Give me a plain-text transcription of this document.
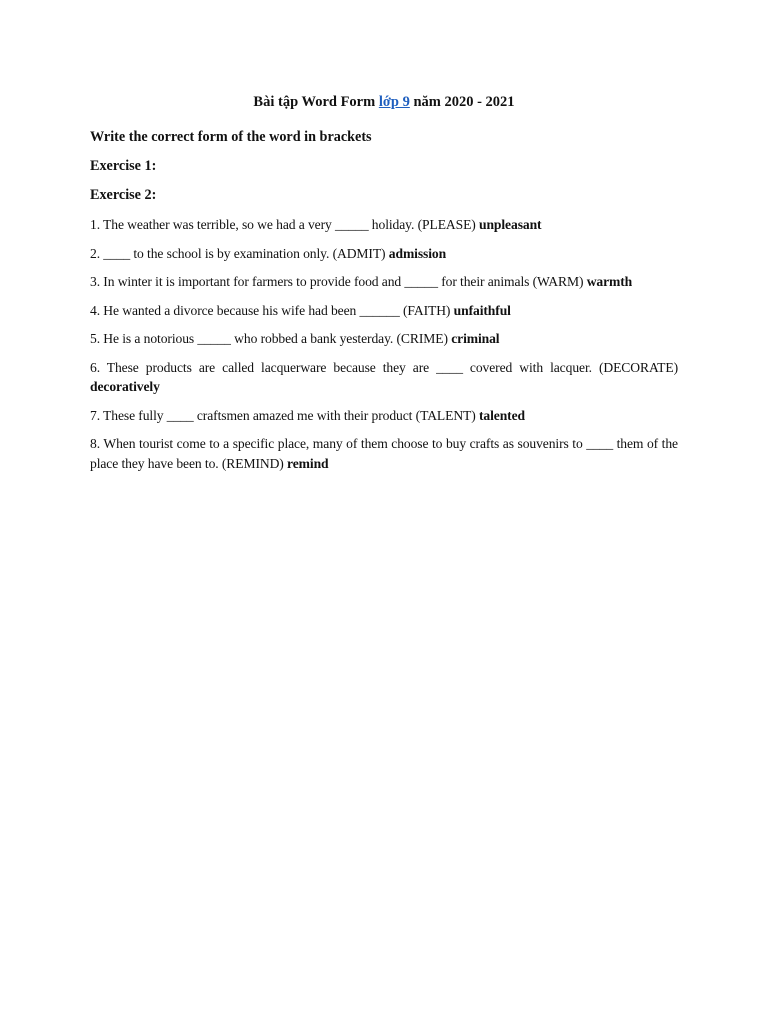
Bài tập Word Form lớp 9 năm 2020 - 2021
Write the correct form of the word in brackets
Exercise 1:
Exercise 2:
1. The weather was terrible, so we had a very _____ holiday. (PLEASE) unpleasant
2. ____ to the school is by examination only. (ADMIT) admission
3. In winter it is important for farmers to provide food and _____ for their animals (WARM) warmth
4. He wanted a divorce because his wife had been ______ (FAITH) unfaithful
5. He is a notorious _____ who robbed a bank yesterday. (CRIME) criminal
6. These products are called lacquerware because they are ____ covered with lacquer. (DECORATE) decoratively
7. These fully ____ craftsmen amazed me with their product (TALENT) talented
8. When tourist come to a specific place, many of them choose to buy crafts as souvenirs to ____ them of the place they have been to. (REMIND) remind
